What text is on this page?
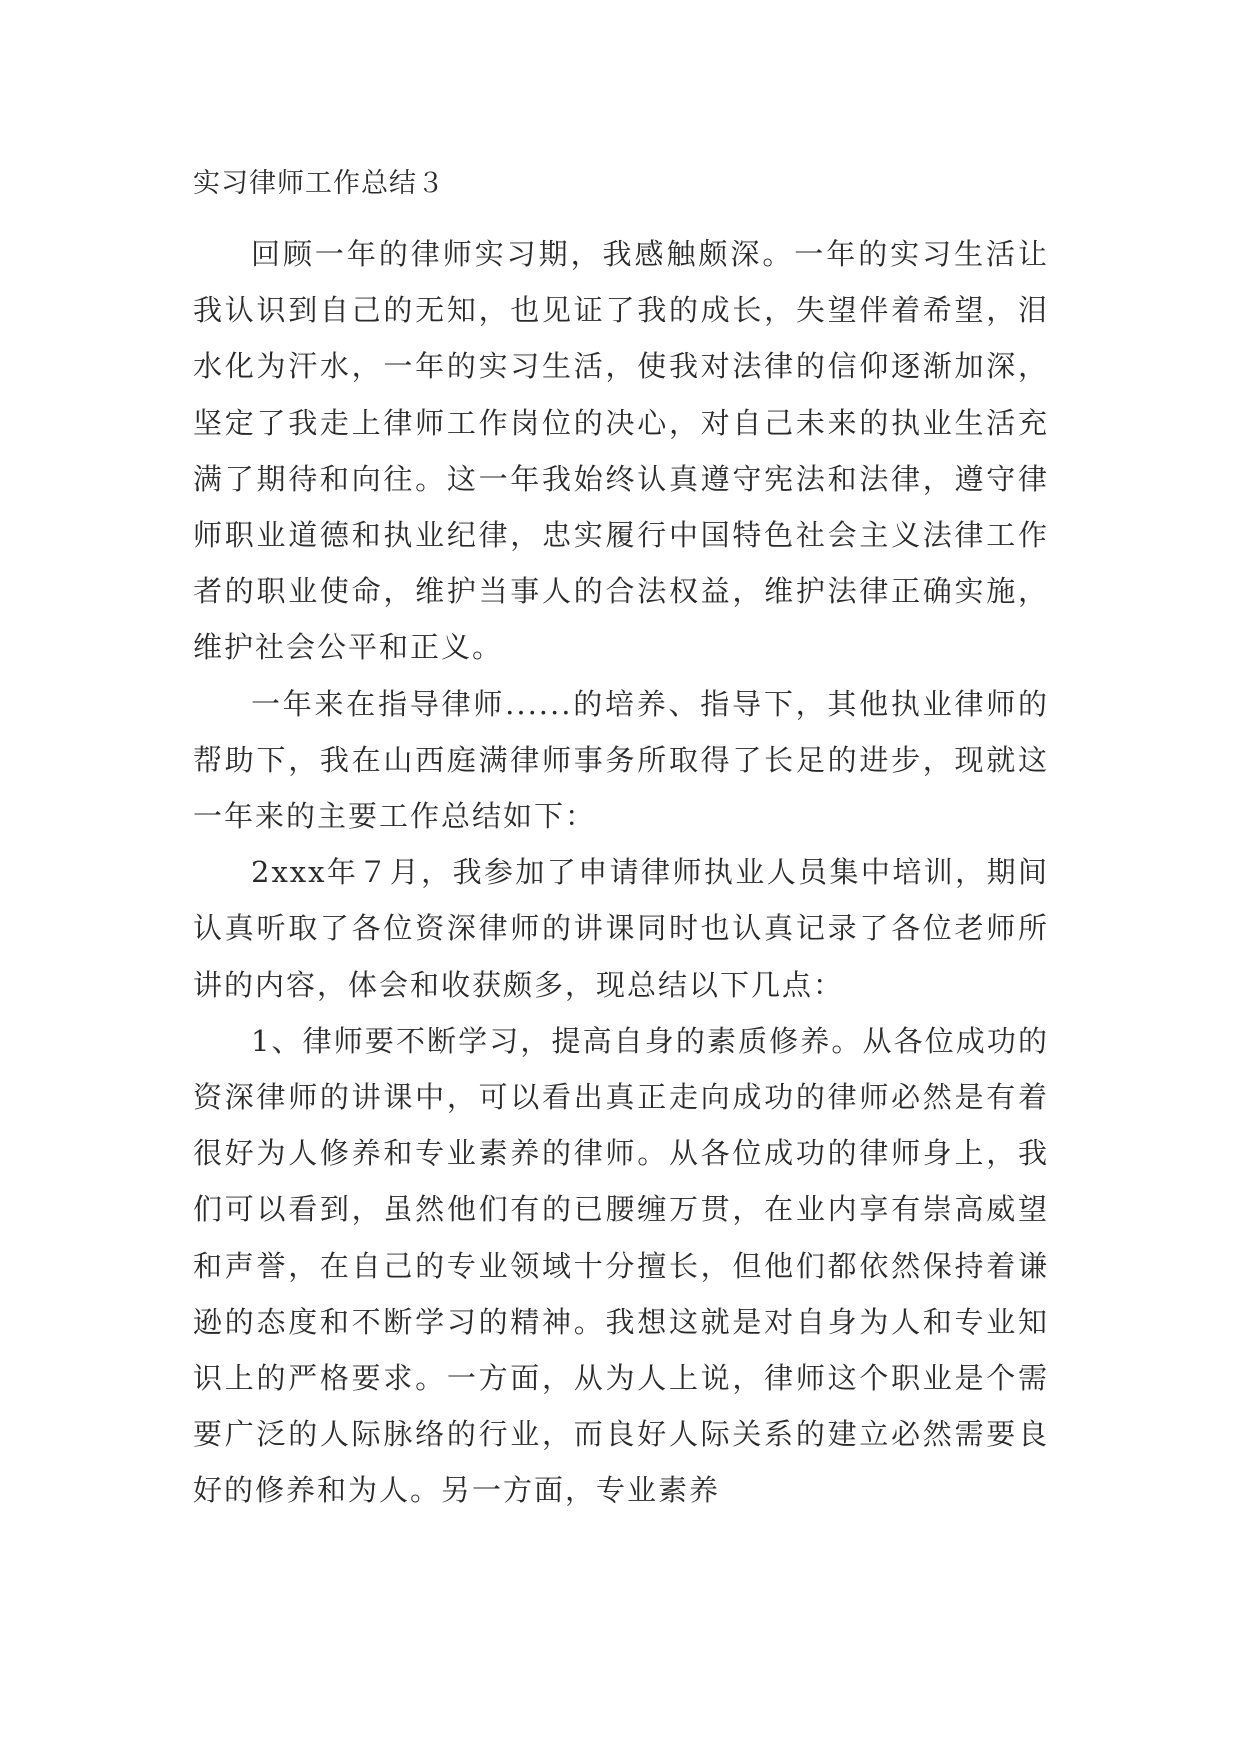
实习律师工作总结３

回顾一年的律师实习期，我感触颇深。一年的实习生活让我认识到自己的无知，也见证了我的成长，失望伴着希望，泪水化为汗水，一年的实习生活，使我对法律的信仰逐渐加深，坚定了我走上律师工作岗位的决心，对自己未来的执业生活充满了期待和向往。这一年我始终认真遵守宪法和法律，遵守律师职业道德和执业纪律，忠实履行中国特色社会主义法律工作者的职业使命，维护当事人的合法权益，维护法律正确实施，维护社会公平和正义。

一年来在指导律师......的培养、指导下，其他执业律师的帮助下，我在山西庭满律师事务所取得了长足的进步，现就这一年来的主要工作总结如下：

2xxx年７月，我参加了申请律师执业人员集中培训，期间认真听取了各位资深律师的讲课同时也认真记录了各位老师所讲的内容，体会和收获颇多，现总结以下几点：

1、律师要不断学习，提高自身的素质修养。从各位成功的资深律师的讲课中，可以看出真正走向成功的律师必然是有着很好为人修养和专业素养的律师。从各位成功的律师身上，我们可以看到，虽然他们有的已腰缠万贯，在业内享有崇高威望和声誉，在自己的专业领域十分擅长，但他们都依然保持着谦逊的态度和不断学习的精神。我想这就是对自身为人和专业知识上的严格要求。一方面，从为人上说，律师这个职业是个需要广泛的人际脉络的行业，而良好人际关系的建立必然需要良好的修养和为人。另一方面，专业素养
